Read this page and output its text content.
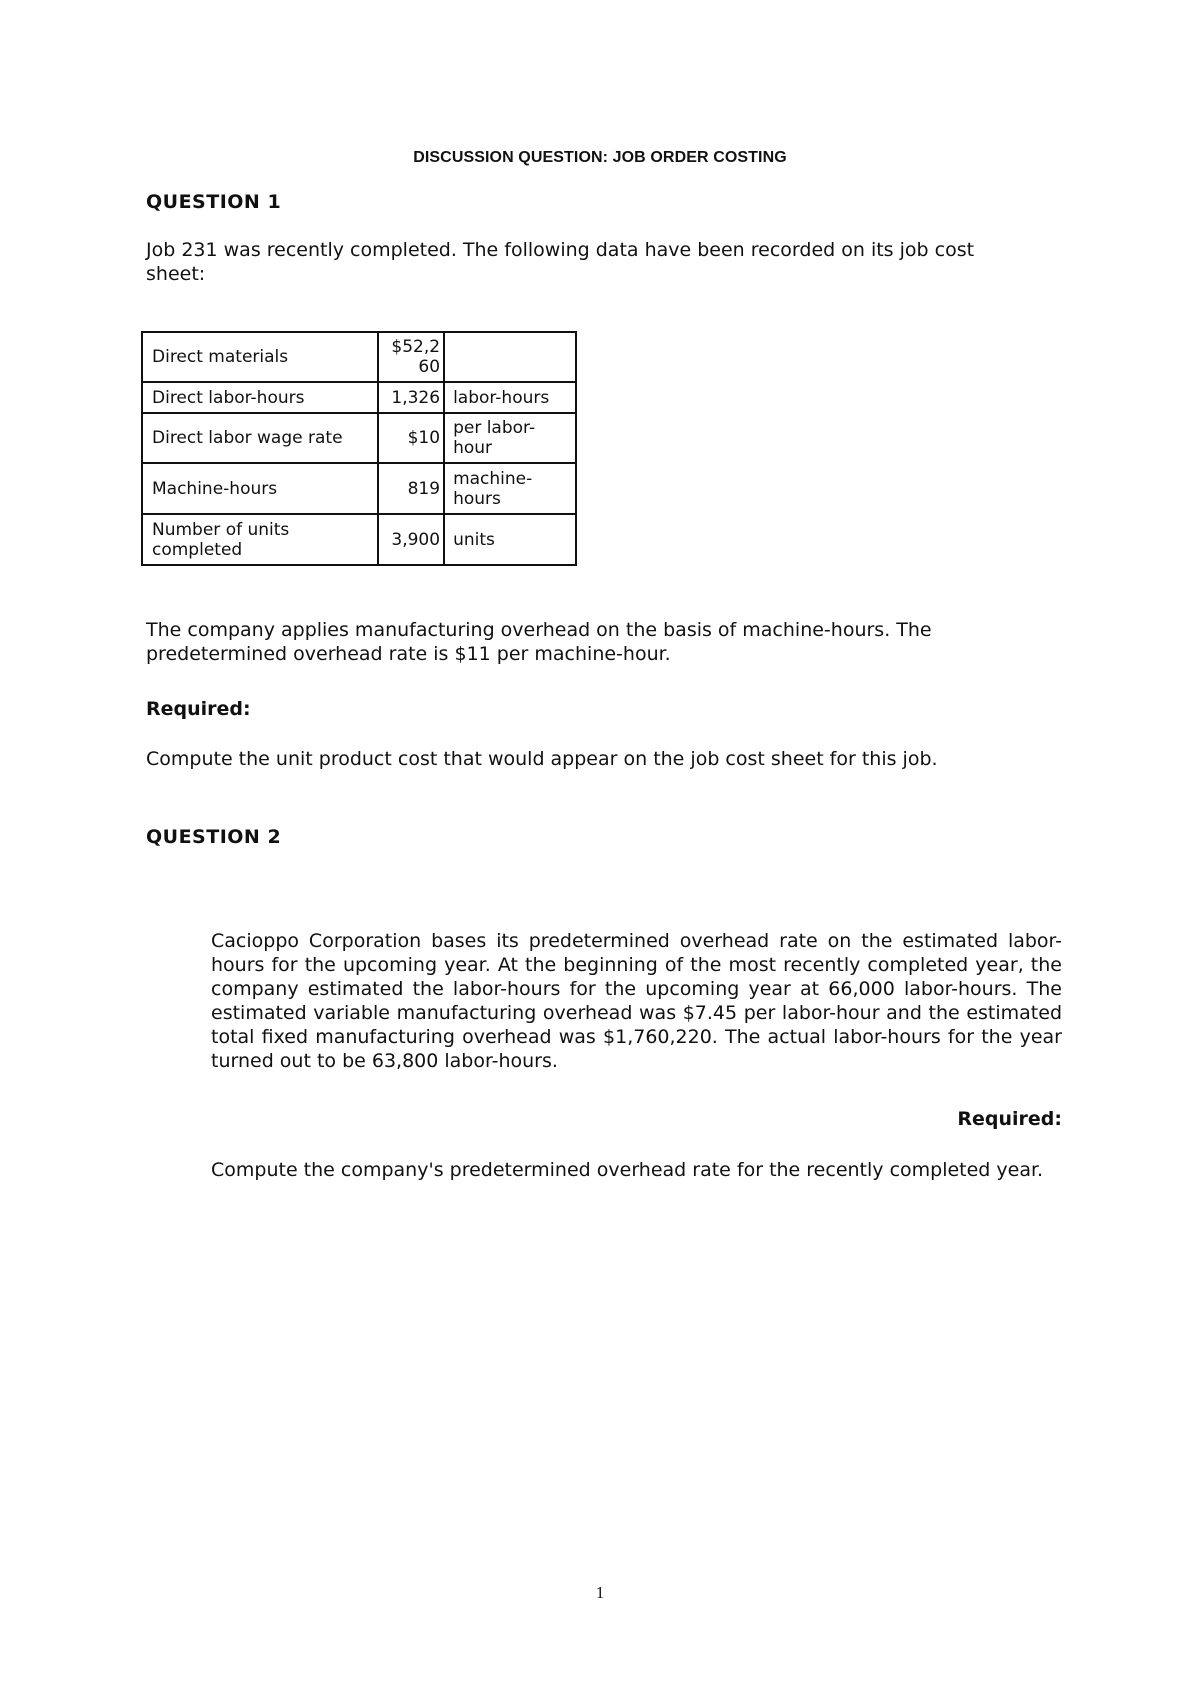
DISCUSSION QUESTION: JOB ORDER COSTING
QUESTION 1
Job 231 was recently completed. The following data have been recorded on its job cost
sheet:
Direct materials	$52,260	
Direct labor-hours	1,326	labor-hours
Direct labor wage rate	$10	per labor-hour
Machine-hours	819	machine-hours
Number of units completed	3,900	units
The company applies manufacturing overhead on the basis of machine-hours. The
predetermined overhead rate is $11 per machine-hour.
Required:
Compute the unit product cost that would appear on the job cost sheet for this job.
QUESTION 2
Cacioppo Corporation bases its predetermined overhead rate on the estimated labor-hours for the upcoming year. At the beginning of the most recently completed year, the company estimated the labor-hours for the upcoming year at 66,000 labor-hours. The estimated variable manufacturing overhead was $7.45 per labor-hour and the estimated total fixed manufacturing overhead was $1,760,220. The actual labor-hours for the year turned out to be 63,800 labor-hours.
Required:
Compute the company's predetermined overhead rate for the recently completed year.
1
